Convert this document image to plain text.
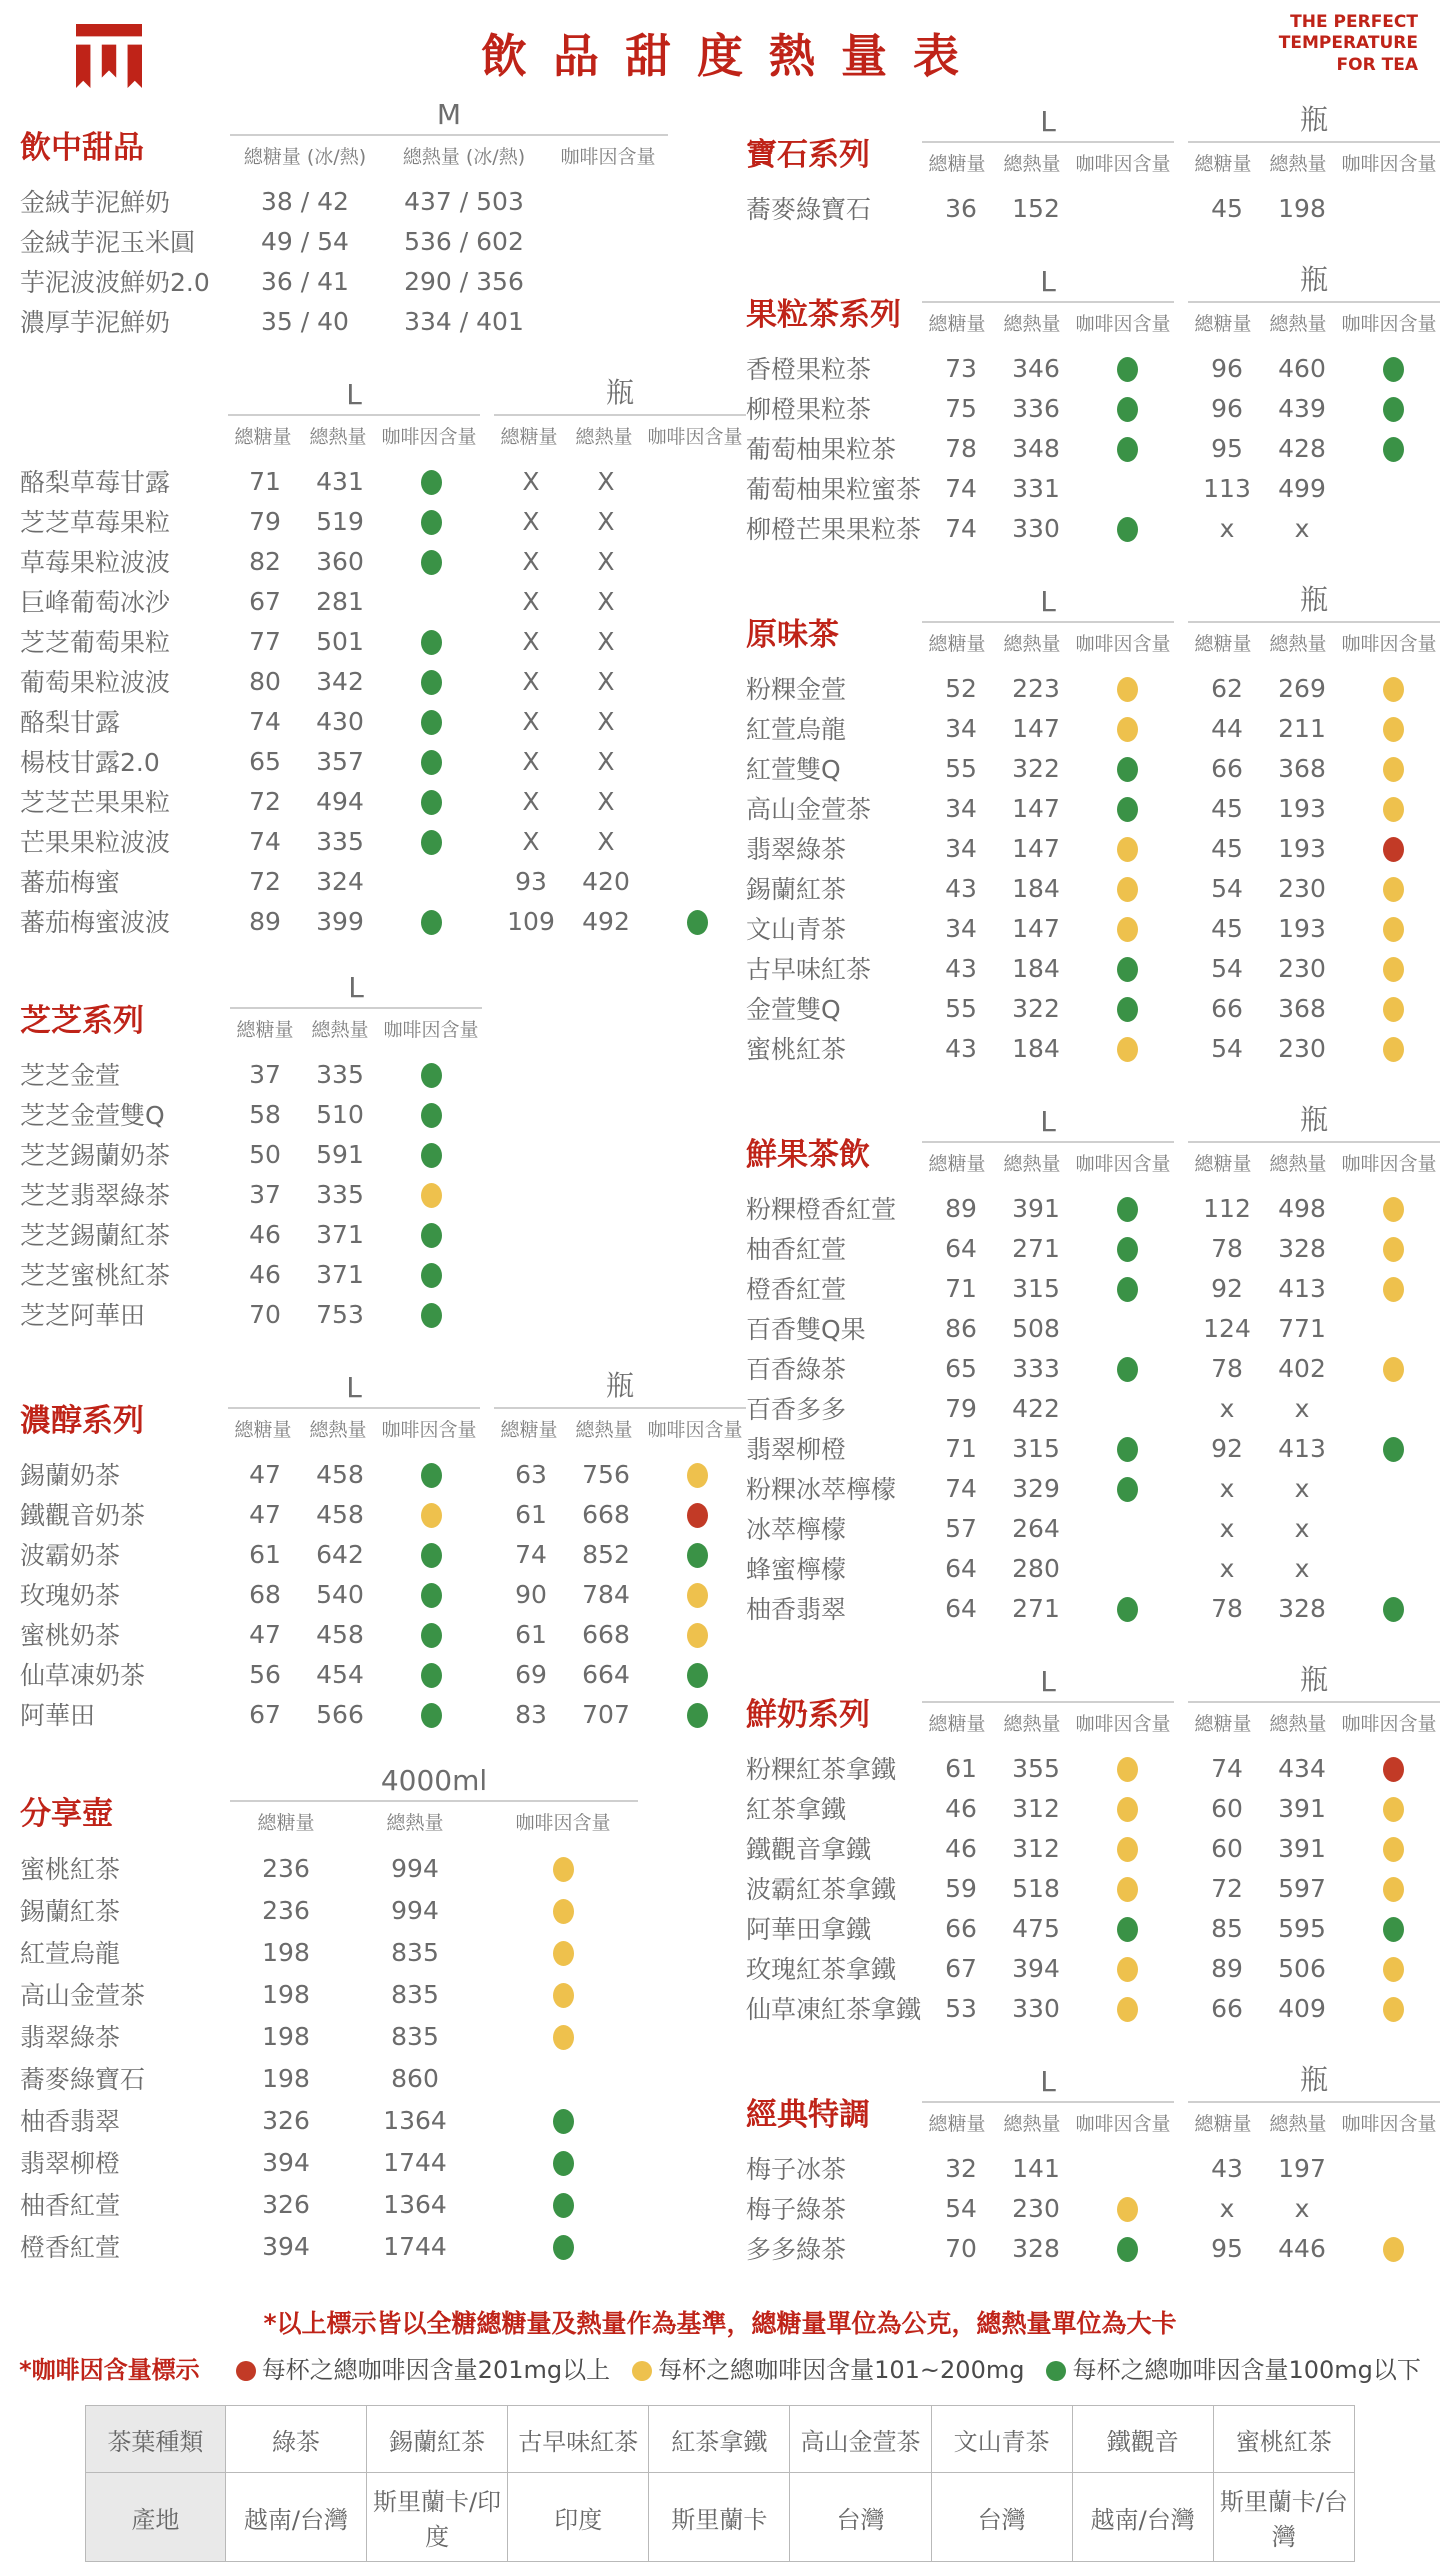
飲品甜度熱量表
THE PERFECT
TEMPERATURE
FOR TEA
飲中甜品
M
總糖量 (冰/熱)	總熱量 (冰/熱)	咖啡因含量
金絨芋泥鮮奶	38 / 42	437 / 503
金絨芋泥玉米圓	49 / 54	536 / 602
芋泥波波鮮奶2.0	36 / 41	290 / 356
濃厚芋泥鮮奶	35 / 40	334 / 401
L
總糖量 總熱量 咖啡因含量
瓶
總糖量 總熱量 咖啡因含量
酪梨草莓甘露	71	431	X	X
芝芝草莓果粒	79	519	X	X
草莓果粒波波	82	360	X	X
巨峰葡萄冰沙	67	281	X	X
芝芝葡萄果粒	77	501	X	X
葡萄果粒波波	80	342	X	X
酪梨甘露	74	430	X	X
楊枝甘露2.0	65	357	X	X
芝芝芒果果粒	72	494	X	X
芒果果粒波波	74	335	X	X
蕃茄梅蜜	72	324	93	420
蕃茄梅蜜波波	89	399	109	492
芝芝系列
L
總糖量 總熱量 咖啡因含量
芝芝金萱	37	335
芝芝金萱雙Q	58	510
芝芝錫蘭奶茶	50	591
芝芝翡翠綠茶	37	335
芝芝錫蘭紅茶	46	371
芝芝蜜桃紅茶	46	371
芝芝阿華田	70	753
濃醇系列
L
總糖量 總熱量 咖啡因含量
瓶
總糖量 總熱量 咖啡因含量
錫蘭奶茶	47	458	63	756
鐵觀音奶茶	47	458	61	668
波霸奶茶	61	642	74	852
玫瑰奶茶	68	540	90	784
蜜桃奶茶	47	458	61	668
仙草凍奶茶	56	454	69	664
阿華田	67	566	83	707
分享壺
4000ml
總糖量	總熱量	咖啡因含量
蜜桃紅茶	236	994
錫蘭紅茶	236	994
紅萱烏龍	198	835
高山金萱茶	198	835
翡翠綠茶	198	835
蕎麥綠寶石	198	860
柚香翡翠	326	1364
翡翠柳橙	394	1744
柚香紅萱	326	1364
橙香紅萱	394	1744
寶石系列
L
總糖量 總熱量 咖啡因含量
瓶
總糖量 總熱量 咖啡因含量
蕎麥綠寶石	36	152	45	198
果粒茶系列
L
總糖量 總熱量 咖啡因含量
瓶
總糖量 總熱量 咖啡因含量
香橙果粒茶	73	346	96	460
柳橙果粒茶	75	336	96	439
葡萄柚果粒茶	78	348	95	428
葡萄柚果粒蜜茶 74	331	113	499
柳橙芒果果粒茶 74	330	x	x
原味茶
L
總糖量 總熱量 咖啡因含量
瓶
總糖量 總熱量 咖啡因含量
粉粿金萱	52	223	62	269
紅萱烏龍	34	147	44	211
紅萱雙Q	55	322	66	368
高山金萱茶	34	147	45	193
翡翠綠茶	34	147	45	193
錫蘭紅茶	43	184	54	230
文山青茶	34	147	45	193
古早味紅茶	43	184	54	230
金萱雙Q	55	322	66	368
蜜桃紅茶	43	184	54	230
鮮果茶飲
L
總糖量 總熱量 咖啡因含量
瓶
總糖量 總熱量 咖啡因含量
粉粿橙香紅萱	89	391	112	498
柚香紅萱	64	271	78	328
橙香紅萱	71	315	92	413
百香雙Q果	86	508	124	771
百香綠茶	65	333	78	402
百香多多	79	422	x	x
翡翠柳橙	71	315	92	413
粉粿冰萃檸檬	74	329	x	x
冰萃檸檬	57	264	x	x
蜂蜜檸檬	64	280	x	x
柚香翡翠	64	271	78	328
鮮奶系列
L
總糖量 總熱量 咖啡因含量
瓶
總糖量 總熱量 咖啡因含量
粉粿紅茶拿鐵	61	355	74	434
紅茶拿鐵	46	312	60	391
鐵觀音拿鐵	46	312	60	391
波霸紅茶拿鐵	59	518	72	597
阿華田拿鐵	66	475	85	595
玫瑰紅茶拿鐵	67	394	89	506
仙草凍紅茶拿鐵 53	330	66	409
經典特調
L
總糖量 總熱量 咖啡因含量
瓶
總糖量 總熱量 咖啡因含量
梅子冰茶	32	141	43	197
梅子綠茶	54	230	x	x
多多綠茶	70	328	95	446
*以上標示皆以全糖總糖量及熱量作為基準，總糖量單位為公克，總熱量單位為大卡
*咖啡因含量標示	每杯之總咖啡因含量201mg以上 每杯之總咖啡因含量101~200mg 每杯之總咖啡因含量100mg以下
茶葉種類	綠茶	錫蘭紅茶	古早味紅茶	紅茶拿鐵	高山金萱茶	文山青茶	鐵觀音	蜜桃紅茶
產地	越南/台灣	斯里蘭卡/印度	印度	斯里蘭卡	台灣	台灣	越南/台灣	斯里蘭卡/台灣
